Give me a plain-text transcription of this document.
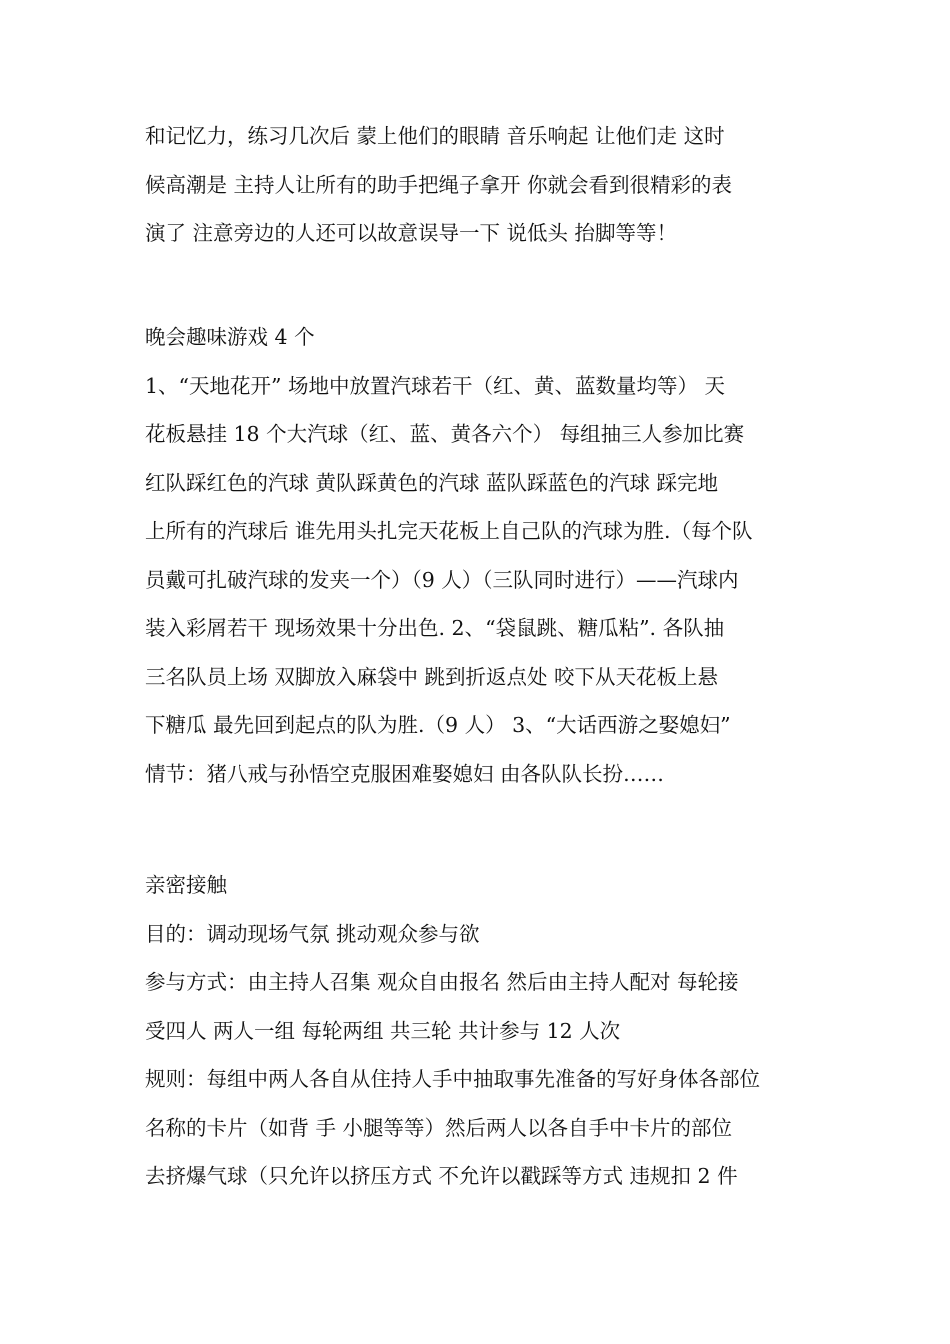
和记忆力，练习几次后 蒙上他们的眼睛 音乐响起 让他们走 这时
候高潮是 主持人让所有的助手把绳子拿开 你就会看到很精彩的表
演了 注意旁边的人还可以故意误导一下 说低头 抬脚等等！
晚会趣味游戏 4 个
1、“天地花开” 场地中放置汽球若干（红、黄、蓝数量均等） 天
花板悬挂 18 个大汽球（红、蓝、黄各六个） 每组抽三人参加比赛
红队踩红色的汽球 黄队踩黄色的汽球 蓝队踩蓝色的汽球 踩完地
上所有的汽球后 谁先用头扎完天花板上自己队的汽球为胜.（每个队
员戴可扎破汽球的发夹一个）（9 人）（三队同时进行）——汽球内
装入彩屑若干 现场效果十分出色. 2、“袋鼠跳、糖瓜粘”. 各队抽
三名队员上场 双脚放入麻袋中 跳到折返点处 咬下从天花板上悬
下糖瓜 最先回到起点的队为胜.（9 人） 3、“大话西游之娶媳妇”
情节：猪八戒与孙悟空克服困难娶媳妇 由各队队长扮……
亲密接触
目的：调动现场气氛 挑动观众参与欲
参与方式：由主持人召集 观众自由报名 然后由主持人配对 每轮接
受四人 两人一组 每轮两组 共三轮 共计参与 12 人次
规则：每组中两人各自从住持人手中抽取事先准备的写好身体各部位
名称的卡片（如背 手 小腿等等）然后两人以各自手中卡片的部位
去挤爆气球（只允许以挤压方式 不允许以戳踩等方式 违规扣 2 件
